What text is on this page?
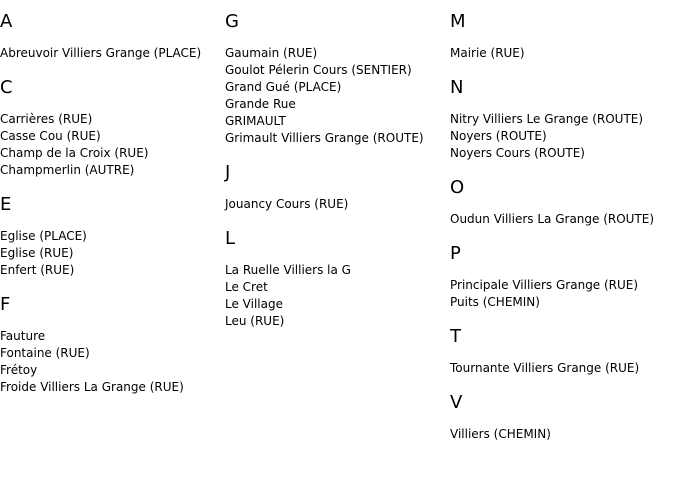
A
Abreuvoir Villiers Grange (PLACE)
C
Carrières (RUE)
Casse Cou (RUE)
Champ de la Croix (RUE)
Champmerlin (AUTRE)
E
Eglise (PLACE)
Eglise (RUE)
Enfert (RUE)
F
Fauture
Fontaine (RUE)
Frétoy
Froide Villiers La Grange (RUE)
G
Gaumain (RUE)
Goulot Pélerin Cours (SENTIER)
Grand Gué (PLACE)
Grande Rue
GRIMAULT
Grimault Villiers Grange (ROUTE)
J
Jouancy Cours (RUE)
L
La Ruelle Villiers la G
Le Cret
Le Village
Leu (RUE)
M
Mairie (RUE)
N
Nitry Villiers Le Grange (ROUTE)
Noyers (ROUTE)
Noyers Cours (ROUTE)
O
Oudun Villiers La Grange (ROUTE)
P
Principale Villiers Grange (RUE)
Puits (CHEMIN)
T
Tournante Villiers Grange (RUE)
V
Villiers (CHEMIN)
